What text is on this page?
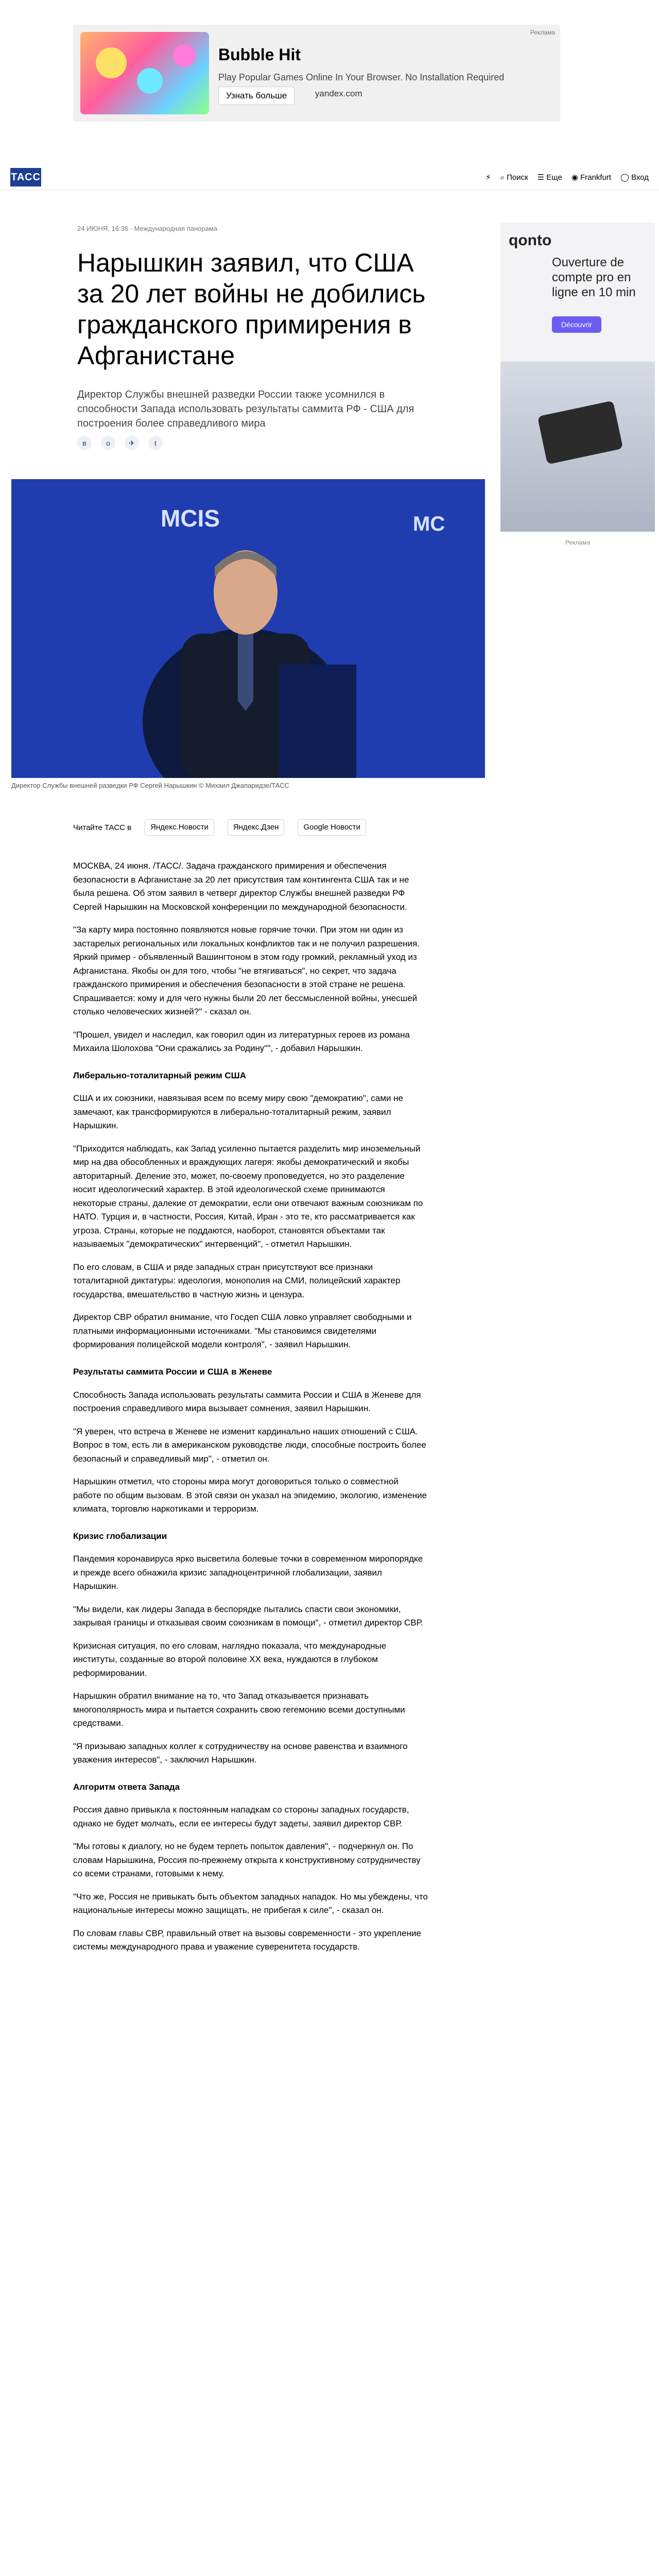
Bubble Hit
Play Popular Games Online In Your Browser. No Installation Required
Узнать больше	yandex.com
Реклама
ТАСС	⚡ ⌕ Поиск ☰ Еще ◉ Frankfurt ◯ Вход
24 ИЮНЯ, 16:36 · Международная панорама
Нарышкин заявил, что США за 20 лет войны не добились гражданского примирения в Афганистане

Директор Службы внешней разведки России также усомнился в способности Запада использовать результаты саммита РФ - США для построения более справедливого мира

в	о	✈	t
MCIS	MC
Директор Службы внешней разведки РФ Сергей Нарышкин © Михаил Джапаридзе/ТАСС
Читайте ТАСС в	Яндекс.Новости	Яндекс.Дзен	Google Новости

МОСКВА, 24 июня. /ТАСС/. Задача гражданского примирения и обеспечения безопасности в Афганистане за 20 лет присутствия там контингента США так и не была решена. Об этом заявил в четверг директор Службы внешней разведки РФ Сергей Нарышкин на Московской конференции по международной безопасности.

"За карту мира постоянно появляются новые горячие точки. При этом ни один из застарелых региональных или локальных конфликтов так и не получил разрешения. Яркий пример - объявленный Вашингтоном в этом году громкий, рекламный уход из Афганистана. Якобы он для того, чтобы "не втягиваться", но секрет, что задача гражданского примирения и обеспечения безопасности в этой стране не решена. Спрашивается: кому и для чего нужны были 20 лет бессмысленной войны, унесшей столько человеческих жизней?" - сказал он.

"Прошел, увидел и наследил, как говорил один из литературных героев из романа Михаила Шолохова "Они сражались за Родину"", - добавил Нарышкин.

Либерально-тоталитарный режим США

США и их союзники, навязывая всем по всему миру свою "демократию", сами не замечают, как трансформируются в либерально-тоталитарный режим, заявил Нарышкин.

"Приходится наблюдать, как Запад усиленно пытается разделить мир иноземельный мир на два обособленных и враждующих лагеря: якобы демократический и якобы авторитарный. Деление это, может, по-своему проповедуется, но это разделение носит идеологический характер. В этой идеологической схеме принимаются некоторые страны, далекие от демократии, если они отвечают важным союзникам по НАТО. Турция и, в частности, Россия, Китай, Иран - это те, кто рассматривается как угроза. Страны, которые не поддаются, наоборот, становятся объектами так называемых "демократических" интервенций", - отметил Нарышкин.

По его словам, в США и ряде западных стран присутствуют все признаки тоталитарной диктатуры: идеология, монополия на СМИ, полицейский характер государства, вмешательство в частную жизнь и цензура.

Директор СВР обратил внимание, что Госдеп США ловко управляет свободными и платными информационными источниками. "Мы становимся свидетелями формирования полицейской модели контроля", - заявил Нарышкин.

Результаты саммита России и США в Женеве

Способность Запада использовать результаты саммита России и США в Женеве для построения справедливого мира вызывает сомнения, заявил Нарышкин.

"Я уверен, что встреча в Женеве не изменит кардинально наших отношений с США. Вопрос в том, есть ли в американском руководстве люди, способные построить более безопасный и справедливый мир", - отметил он.

Нарышкин отметил, что стороны мира могут договориться только о совместной работе по общим вызовам. В этой связи он указал на эпидемию, экологию, изменение климата, торговлю наркотиками и терроризм.

Кризис глобализации

Пандемия коронавируса ярко высветила болевые точки в современном миропорядке и прежде всего обнажила кризис западноцентричной глобализации, заявил Нарышкин.

"Мы видели, как лидеры Запада в беспорядке пытались спасти свои экономики, закрывая границы и отказывая своим союзникам в помощи", - отметил директор СВР.

Кризисная ситуация, по его словам, наглядно показала, что международные институты, созданные во второй половине XX века, нуждаются в глубоком реформировании.

Нарышкин обратил внимание на то, что Запад отказывается признавать многополярность мира и пытается сохранить свою гегемонию всеми доступными средствами.

"Я призываю западных коллег к сотрудничеству на основе равенства и взаимного уважения интересов", - заключил Нарышкин.

Алгоритм ответа Запада

Россия давно привыкла к постоянным нападкам со стороны западных государств, однако не будет молчать, если ее интересы будут задеты, заявил директор СВР.

"Мы готовы к диалогу, но не будем терпеть попыток давления", - подчеркнул он. По словам Нарышкина, Россия по-прежнему открыта к конструктивному сотрудничеству со всеми странами, готовыми к нему.

"Что же, Россия не привыкать быть объектом западных нападок. Но мы убеждены, что национальные интересы можно защищать, не прибегая к силе", - сказал он.

По словам главы СВР, правильный ответ на вызовы современности - это укрепление системы международного права и уважение суверенитета государств.

qonto
Ouverture de compte pro en ligne en 10 min
Découvrir
Реклама
